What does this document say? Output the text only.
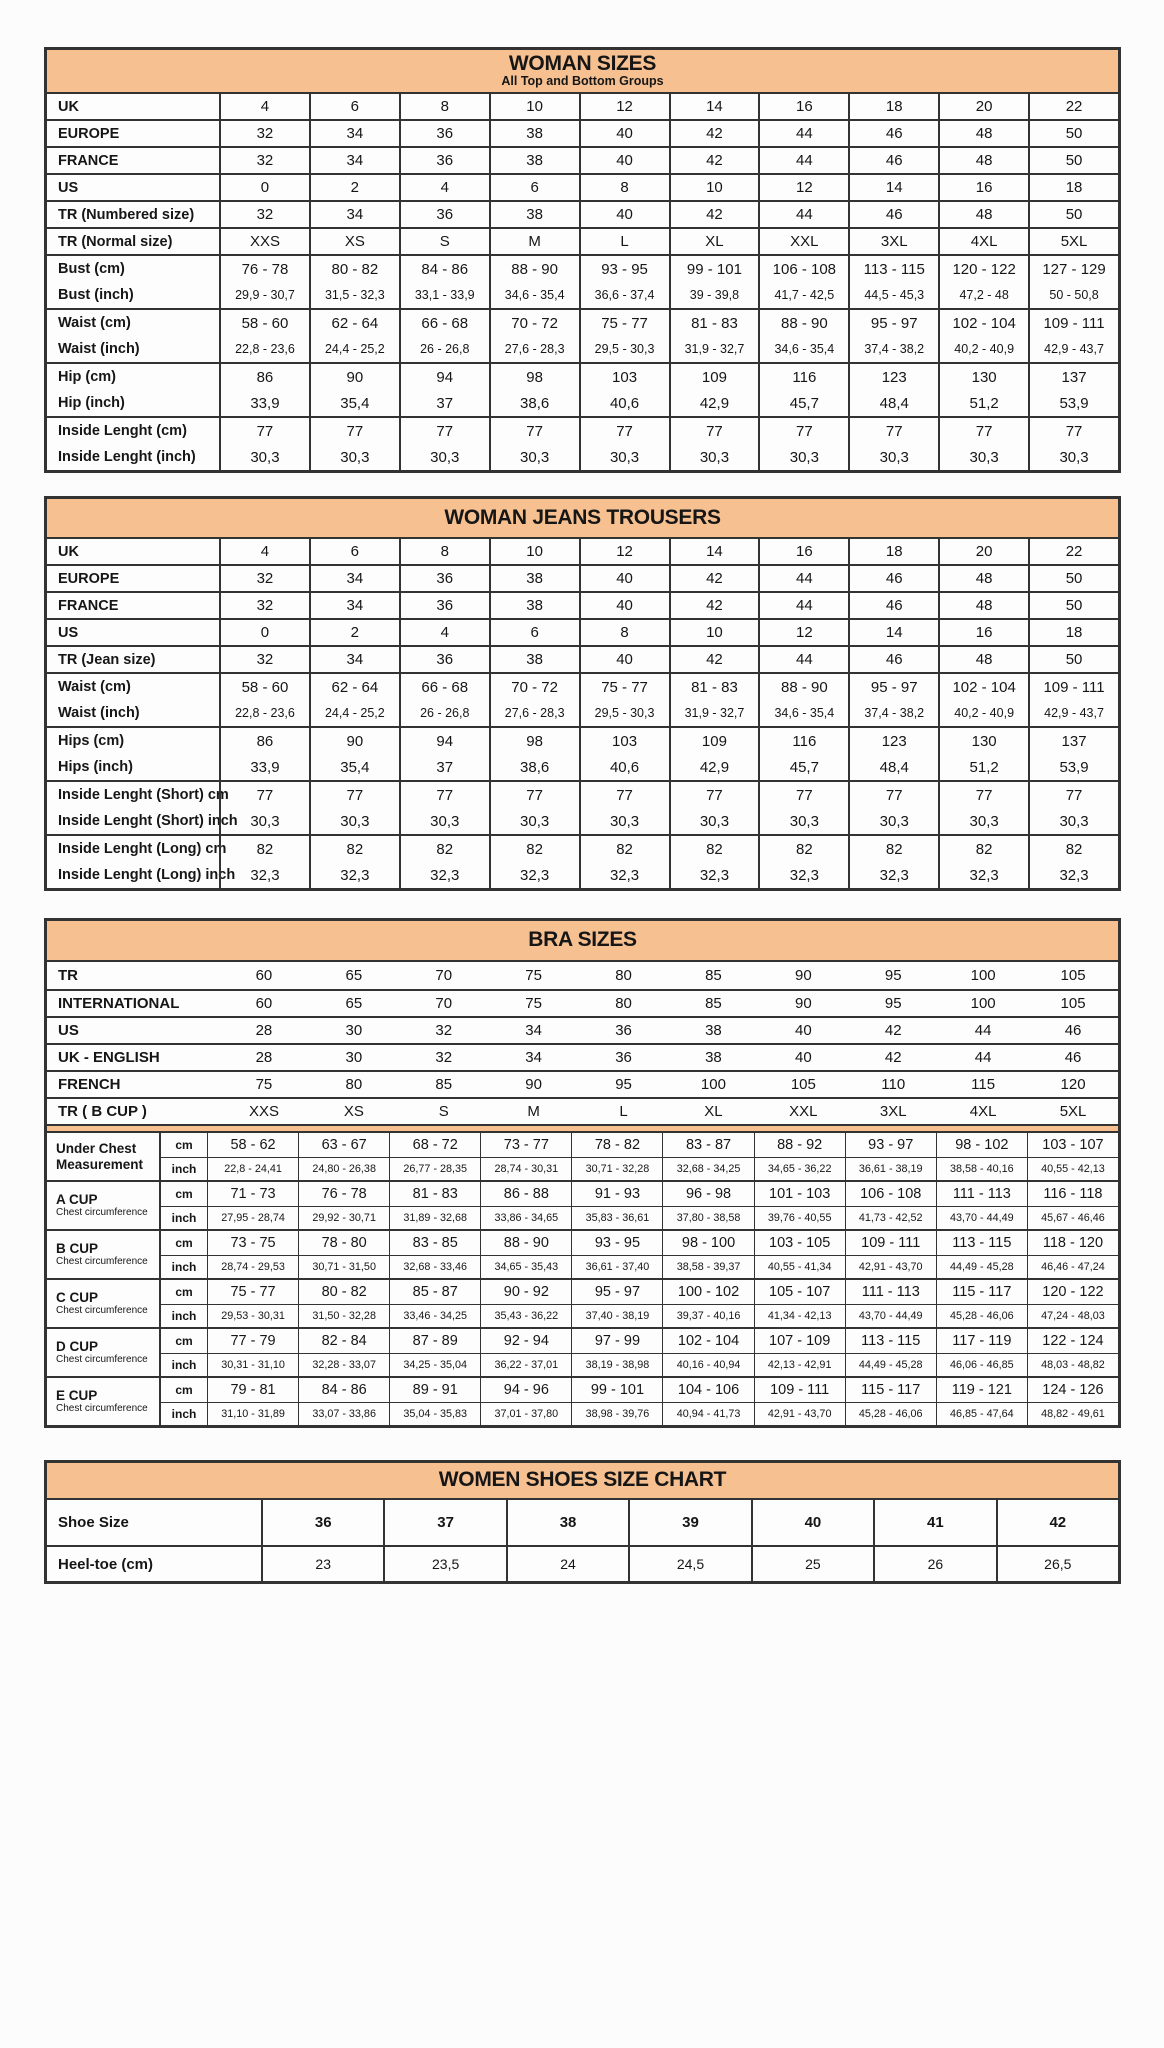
WOMAN SIZES
All Top and Bottom Groups
UK	4	6	8	10	12	14	16	18	20	22
EUROPE	32	34	36	38	40	42	44	46	48	50
FRANCE	32	34	36	38	40	42	44	46	48	50
US	0	2	4	6	8	10	12	14	16	18
TR (Numbered size)	32	34	36	38	40	42	44	46	48	50
TR (Normal size)	XXS	XS	S	M	L	XL	XXL	3XL	4XL	5XL
Bust (cm)	76 - 78	80 - 82	84 - 86	88 - 90	93 - 95	99 - 101	106 - 108	113 - 115	120 - 122	127 - 129
Bust (inch)	29,9 - 30,7	31,5 - 32,3	33,1 - 33,9	34,6 - 35,4	36,6 - 37,4	39 - 39,8	41,7 - 42,5	44,5 - 45,3	47,2 - 48	50 - 50,8
Waist (cm)	58 - 60	62 - 64	66 - 68	70 - 72	75 - 77	81 - 83	88 - 90	95 - 97	102 - 104	109 - 111
Waist (inch)	22,8 - 23,6	24,4 - 25,2	26 - 26,8	27,6 - 28,3	29,5 - 30,3	31,9 - 32,7	34,6 - 35,4	37,4 - 38,2	40,2 - 40,9	42,9 - 43,7
Hip (cm)	86	90	94	98	103	109	116	123	130	137
Hip (inch)	33,9	35,4	37	38,6	40,6	42,9	45,7	48,4	51,2	53,9
Inside Lenght (cm)	77	77	77	77	77	77	77	77	77	77
Inside Lenght (inch)	30,3	30,3	30,3	30,3	30,3	30,3	30,3	30,3	30,3	30,3
WOMAN JEANS TROUSERS
UK	4	6	8	10	12	14	16	18	20	22
EUROPE	32	34	36	38	40	42	44	46	48	50
FRANCE	32	34	36	38	40	42	44	46	48	50
US	0	2	4	6	8	10	12	14	16	18
TR (Jean size)	32	34	36	38	40	42	44	46	48	50
Waist (cm)	58 - 60	62 - 64	66 - 68	70 - 72	75 - 77	81 - 83	88 - 90	95 - 97	102 - 104	109 - 111
Waist (inch)	22,8 - 23,6	24,4 - 25,2	26 - 26,8	27,6 - 28,3	29,5 - 30,3	31,9 - 32,7	34,6 - 35,4	37,4 - 38,2	40,2 - 40,9	42,9 - 43,7
Hips (cm)	86	90	94	98	103	109	116	123	130	137
Hips (inch)	33,9	35,4	37	38,6	40,6	42,9	45,7	48,4	51,2	53,9
Inside Lenght (Short) cm	77	77	77	77	77	77	77	77	77	77
Inside Lenght (Short) inch 30,3	30,3	30,3	30,3	30,3	30,3	30,3	30,3	30,3	30,3
Inside Lenght (Long) cm	82	82	82	82	82	82	82	82	82	82
Inside Lenght (Long) inch	32,3	32,3	32,3	32,3	32,3	32,3	32,3	32,3	32,3	32,3
BRA SIZES
TR	60	65	70	75	80	85	90	95	100	105
INTERNATIONAL	60	65	70	75	80	85	90	95	100	105
US	28	30	32	34	36	38	40	42	44	46
UK - ENGLISH	28	30	32	34	36	38	40	42	44	46
FRENCH	75	80	85	90	95	100	105	110	115	120
TR ( B CUP )	XXS	XS	S	M	L	XL	XXL	3XL	4XL	5XL
Under Chest Measurement
cm	58 - 62	63 - 67	68 - 72	73 - 77	78 - 82	83 - 87	88 - 92	93 - 97	98 - 102	103 - 107
inch	22,8 - 24,41	24,80 - 26,38	26,77 - 28,35	28,74 - 30,31	30,71 - 32,28	32,68 - 34,25	34,65 - 36,22	36,61 - 38,19	38,58 - 40,16	40,55 - 42,13
A CUP
Chest circumference
cm	71 - 73	76 - 78	81 - 83	86 - 88	91 - 93	96 - 98	101 - 103	106 - 108	111 - 113	116 - 118
inch	27,95 - 28,74	29,92 - 30,71	31,89 - 32,68	33,86 - 34,65	35,83 - 36,61	37,80 - 38,58	39,76 - 40,55	41,73 - 42,52	43,70 - 44,49	45,67 - 46,46
B CUP
Chest circumference
cm	73 - 75	78 - 80	83 - 85	88 - 90	93 - 95	98 - 100	103 - 105	109 - 111	113 - 115	118 - 120
inch	28,74 - 29,53	30,71 - 31,50	32,68 - 33,46	34,65 - 35,43	36,61 - 37,40	38,58 - 39,37	40,55 - 41,34	42,91 - 43,70	44,49 - 45,28	46,46 - 47,24
C CUP
Chest circumference
cm	75 - 77	80 - 82	85 - 87	90 - 92	95 - 97	100 - 102	105 - 107	111 - 113	115 - 117	120 - 122
inch	29,53 - 30,31	31,50 - 32,28	33,46 - 34,25	35,43 - 36,22	37,40 - 38,19	39,37 - 40,16	41,34 - 42,13	43,70 - 44,49	45,28 - 46,06	47,24 - 48,03
D CUP
Chest circumference
cm	77 - 79	82 - 84	87 - 89	92 - 94	97 - 99	102 - 104	107 - 109	113 - 115	117 - 119	122 - 124
inch	30,31 - 31,10	32,28 - 33,07	34,25 - 35,04	36,22 - 37,01	38,19 - 38,98	40,16 - 40,94	42,13 - 42,91	44,49 - 45,28	46,06 - 46,85	48,03 - 48,82
E CUP
Chest circumference
cm	79 - 81	84 - 86	89 - 91	94 - 96	99 - 101	104 - 106	109 - 111	115 - 117	119 - 121	124 - 126
inch	31,10 - 31,89	33,07 - 33,86	35,04 - 35,83	37,01 - 37,80	38,98 - 39,76	40,94 - 41,73	42,91 - 43,70	45,28 - 46,06	46,85 - 47,64	48,82 - 49,61
WOMEN SHOES SIZE CHART
Shoe Size	36	37	38	39	40	41	42
Heel-toe (cm)	23	23,5	24	24,5	25	26	26,5
